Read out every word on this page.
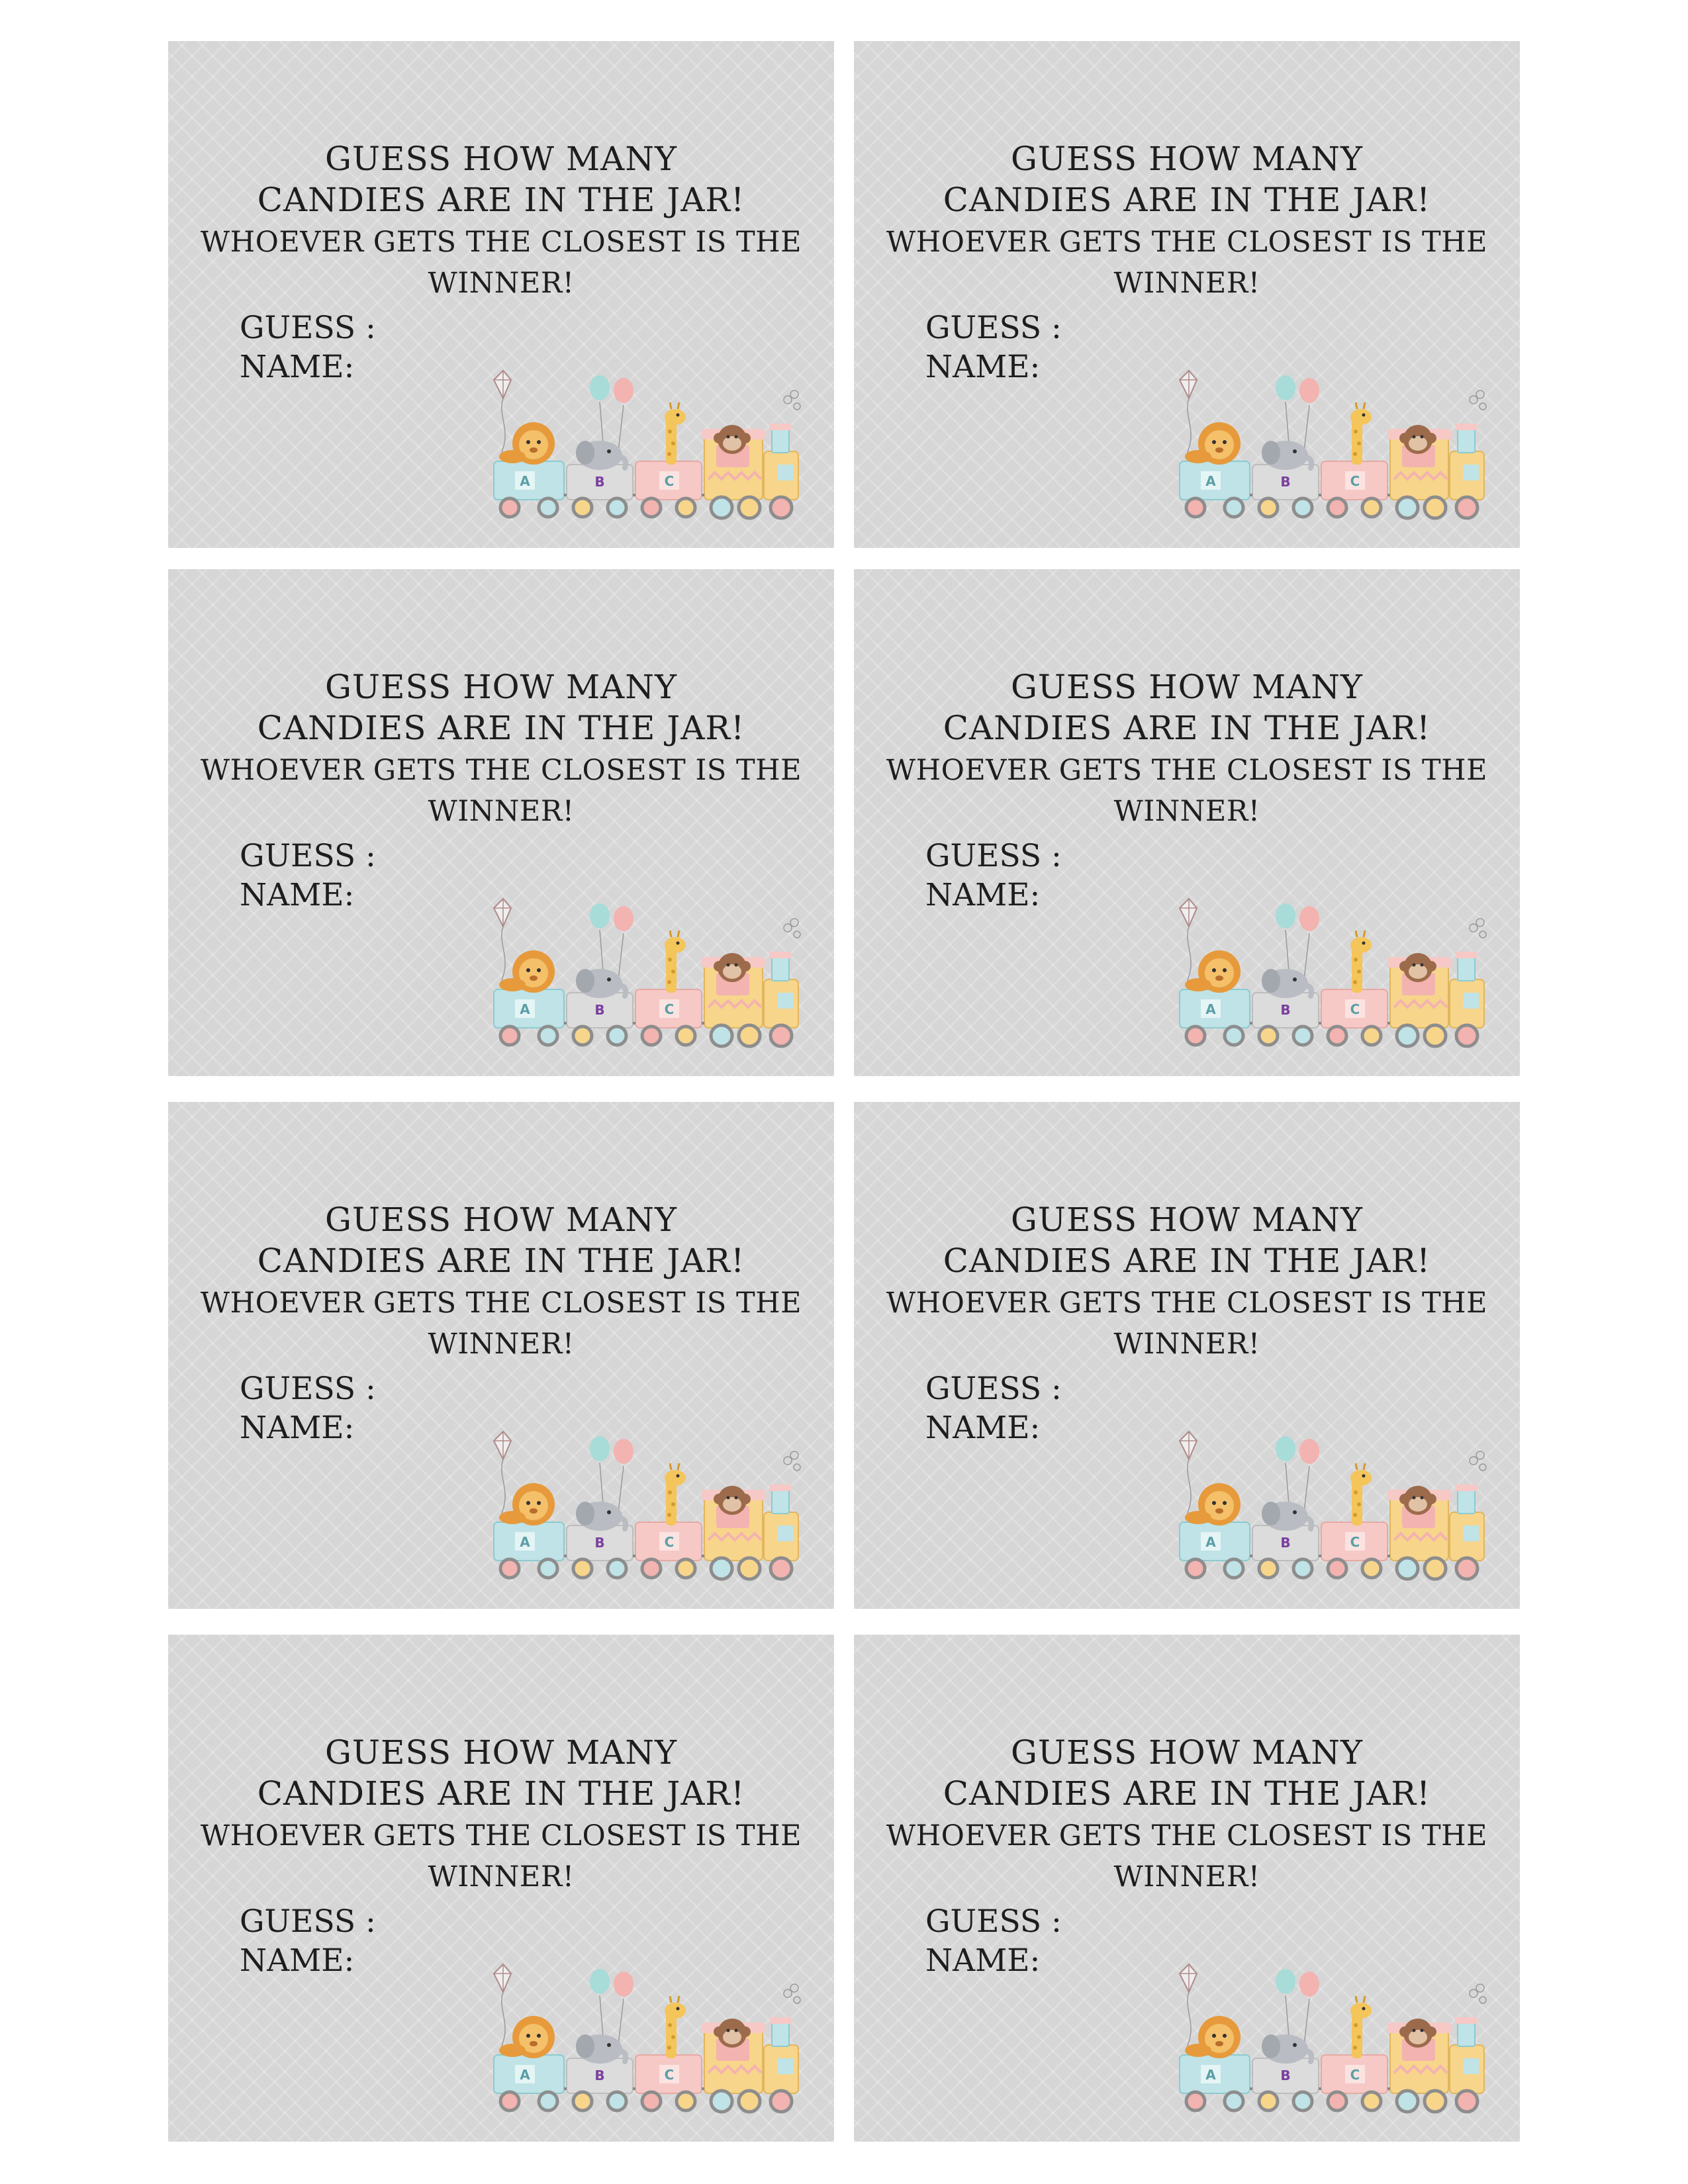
GUESS HOW MANY
CANDIES ARE IN THE JAR!
WHOEVER GETS THE CLOSEST IS THE
WINNER!
GUESS :
NAME:
A	B	C
GUESS HOW MANY
CANDIES ARE IN THE JAR!
WHOEVER GETS THE CLOSEST IS THE
WINNER!
GUESS :
NAME:
A	B	C
GUESS HOW MANY
CANDIES ARE IN THE JAR!
WHOEVER GETS THE CLOSEST IS THE
WINNER!
GUESS :
NAME:
A	B	C
GUESS HOW MANY
CANDIES ARE IN THE JAR!
WHOEVER GETS THE CLOSEST IS THE
WINNER!
GUESS :
NAME:
A	B	C
GUESS HOW MANY
CANDIES ARE IN THE JAR!
WHOEVER GETS THE CLOSEST IS THE
WINNER!
GUESS :
NAME:
A	B	C
GUESS HOW MANY
CANDIES ARE IN THE JAR!
WHOEVER GETS THE CLOSEST IS THE
WINNER!
GUESS :
NAME:
A	B	C
GUESS HOW MANY
CANDIES ARE IN THE JAR!
WHOEVER GETS THE CLOSEST IS THE
WINNER!
GUESS :
NAME:
A	B	C
GUESS HOW MANY
CANDIES ARE IN THE JAR!
WHOEVER GETS THE CLOSEST IS THE
WINNER!
GUESS :
NAME:
A	B	C
